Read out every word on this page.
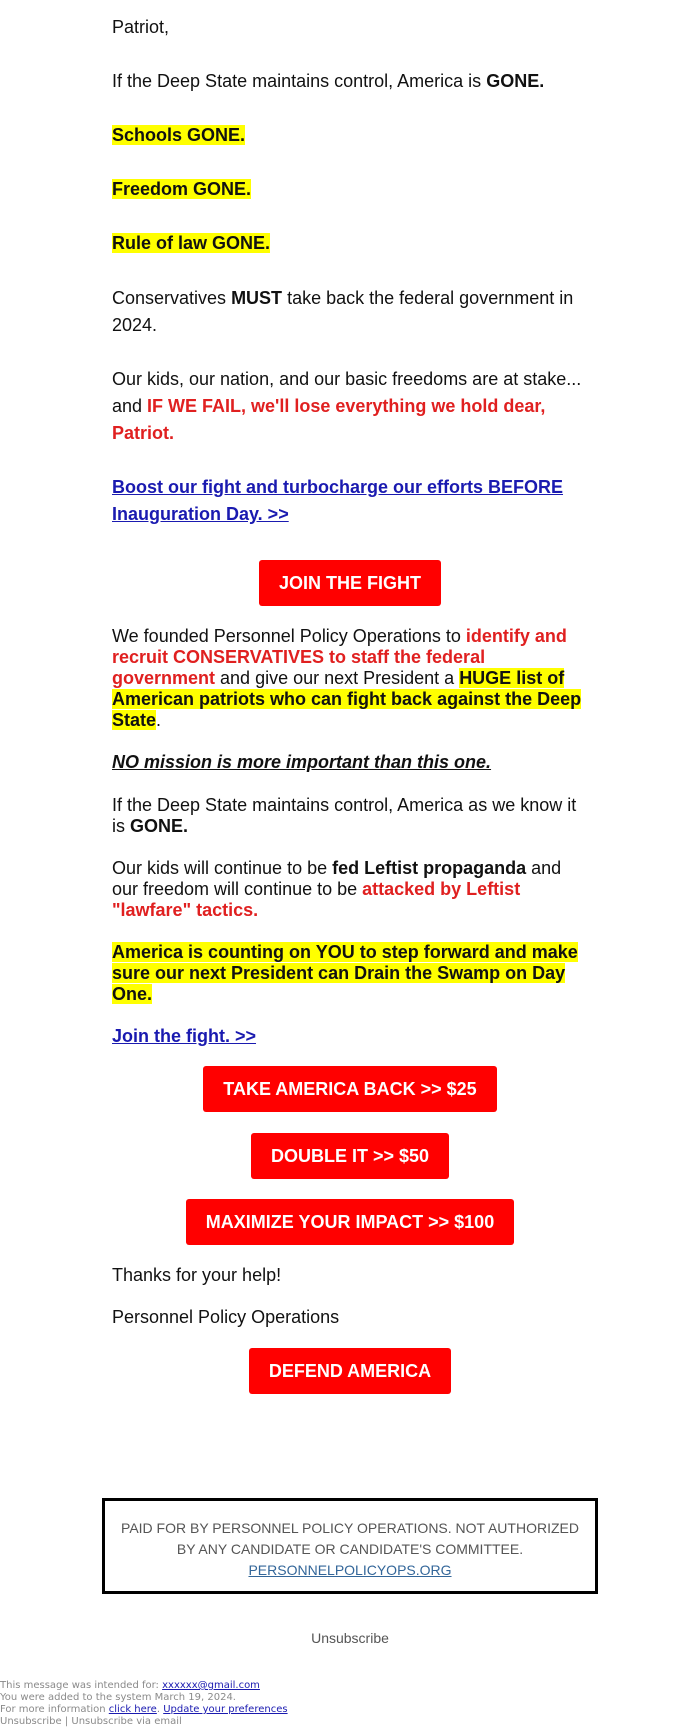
Patriot,

If the Deep State maintains control, America is GONE.

Schools GONE.

Freedom GONE.

Rule of law GONE.

Conservatives MUST take back the federal government in 2024.

Our kids, our nation, and our basic freedoms are at stake... and IF WE FAIL, we'll lose everything we hold dear, Patriot.

Boost our fight and turbocharge our efforts BEFORE Inauguration Day. >>

JOIN THE FIGHT

We founded Personnel Policy Operations to identify and recruit CONSERVATIVES to staff the federal government and give our next President a HUGE list of American patriots who can fight back against the Deep State.

NO mission is more important than this one.

If the Deep State maintains control, America as we know it is GONE.

Our kids will continue to be fed Leftist propaganda and our freedom will continue to be attacked by Leftist "lawfare" tactics.

America is counting on YOU to step forward and make sure our next President can Drain the Swamp on Day One.

Join the fight. >>

TAKE AMERICA BACK >> $25
DOUBLE IT >> $50
MAXIMIZE YOUR IMPACT >> $100

Thanks for your help!

Personnel Policy Operations

DEFEND AMERICA
PAID FOR BY PERSONNEL POLICY OPERATIONS. NOT AUTHORIZED
BY ANY CANDIDATE OR CANDIDATE'S COMMITTEE.
PERSONNELPOLICYOPS.ORG
Unsubscribe
This message was intended for: xxxxxx@gmail.com
You were added to the system March 19, 2024.
For more information click here. Update your preferences
Unsubscribe | Unsubscribe via email
